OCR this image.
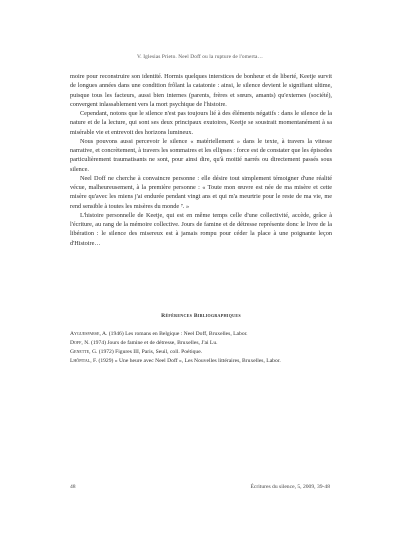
V. Iglesias Prieto. Neel Doff ou la rupture de l'omerta…

moire pour reconstruire son identité. Hormis quelques interstices de bonheur et de liberté, Keetje survit de longues années dans une condition frôlant la catatonie : ainsi, le silence devient le signifiant ultime, puisque tous les facteurs, aussi bien internes (parents, frères et sœurs, amants) qu'externes (société), convergent inlassablement vers la mort psychique de l'histoire.

Cependant, notons que le silence n'est pas toujours lié à des éléments négatifs : dans le silence de la nature et de la lecture, qui sont ses deux principaux exutoires, Keetje se soustrait momentanément à sa misérable vie et entrevoit des horizons lumineux.

Nous pouvons aussi percevoir le silence « matériellement » dans le texte, à travers la vitesse narrative, et concrètement, à travers les sommaires et les ellipses : force est de constater que les épisodes particulièrement traumatisants ne sont, pour ainsi dire, qu'à moitié narrés ou directement passés sous silence.

Neel Doff ne cherche à convaincre personne : elle désire tout simplement témoigner d'une réalité vécue, malheureusement, à la première personne : « Toute mon œuvre est née de ma misère et cette misère qu'avec les miens j'ai endurée pendant vingt ans et qui m'a meurtrie pour le reste de ma vie, me rend sensible à toutes les misères du monde ⁷. »

L'histoire personnelle de Keetje, qui est en même temps celle d'une collectivité, accède, grâce à l'écriture, au rang de la mémoire collective. Jours de famine et de détresse représente donc le livre de la libération : le silence des misereux est à jamais rompu pour céder la place à une poignante leçon d'Histoire…

Références Bibliographiques

Ayguesparse, A. (1946) Les romans en Belgique : Neel Doff, Bruxelles, Labor.

Doff, N. (1974) Jours de famine et de détresse, Bruxelles, J'ai Lu.

Genette, G. (1972) Figures III, Paris, Seuil, coll. Poétique.

Lhôpital, F. (1929) « Une heure avec Neel Doff », Les Nouvelles littéraires, Bruxelles, Labor.

48	Écritures du silence, 5, 2009, 39-48
